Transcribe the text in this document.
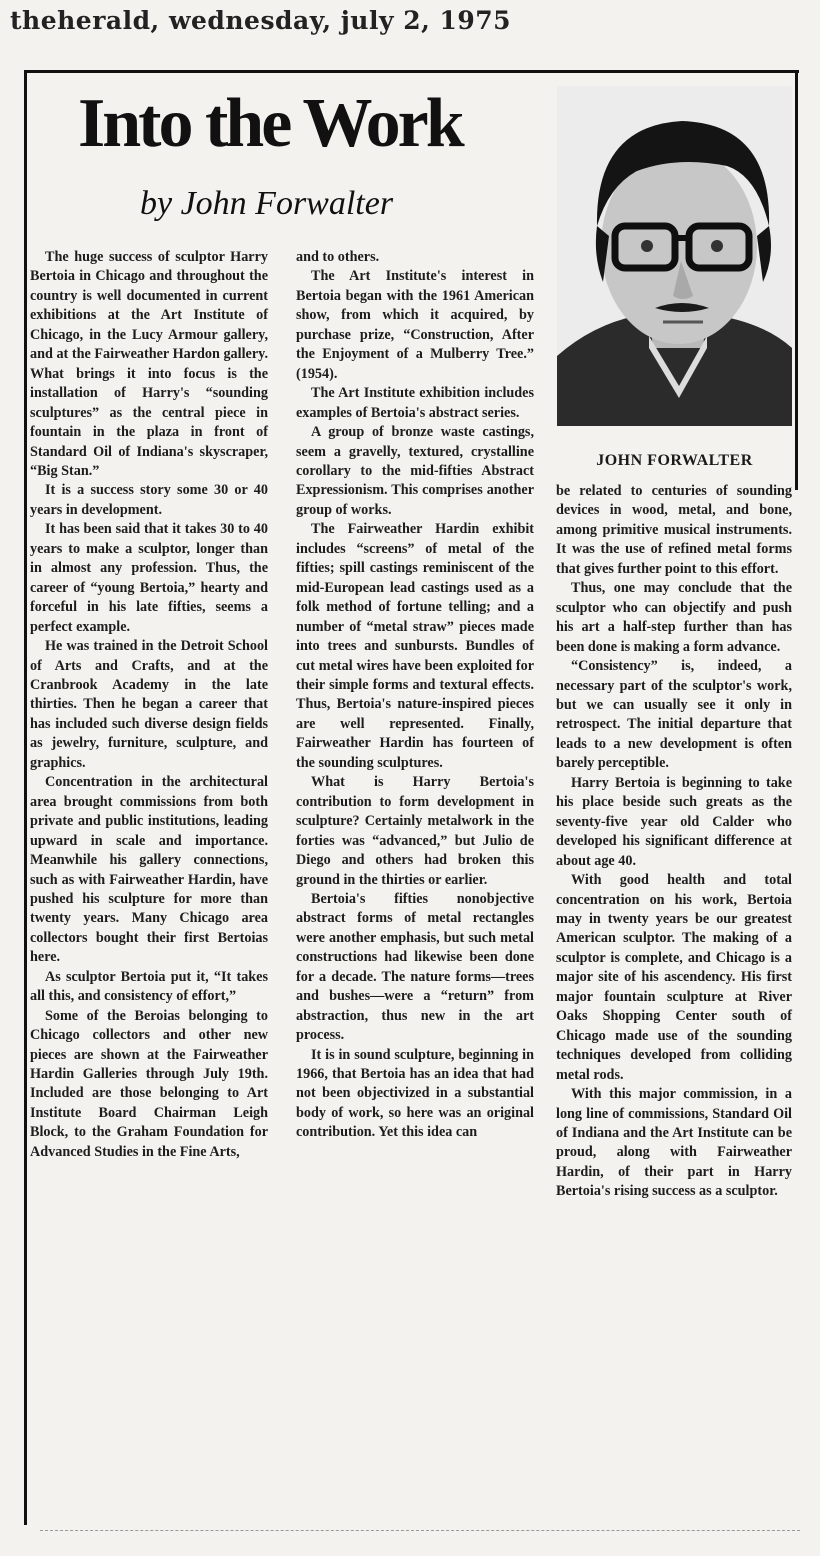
theherald, wednesday, july 2, 1975
Into the Work
by John Forwalter
JOHN FORWALTER

The huge success of sculptor Harry Bertoia in Chicago and throughout the country is well documented in current exhibitions at the Art Institute of Chicago, in the Lucy Armour gallery, and at the Fairweather Hardon gallery. What brings it into focus is the installation of Harry's “sounding sculptures” as the central piece in fountain in the plaza in front of Standard Oil of Indiana's skyscraper, “Big Stan.”

It is a success story some 30 or 40 years in development.

It has been said that it takes 30 to 40 years to make a sculptor, longer than in almost any profession. Thus, the career of “young Bertoia,” hearty and forceful in his late fifties, seems a perfect example.

He was trained in the Detroit School of Arts and Crafts, and at the Cranbrook Academy in the late thirties. Then he began a career that has included such diverse design fields as jewelry, furniture, sculpture, and graphics.

Concentration in the architectural area brought commissions from both private and public institutions, leading upward in scale and importance. Meanwhile his gallery connections, such as with Fairweather Hardin, have pushed his sculpture for more than twenty years. Many Chicago area collectors bought their first Bertoias here.

As sculptor Bertoia put it, “It takes all this, and consistency of effort,”

Some of the Beroias belonging to Chicago collectors and other new pieces are shown at the Fairweather Hardin Galleries through July 19th. Included are those belonging to Art Institute Board Chairman Leigh Block, to the Graham Foundation for Advanced Studies in the Fine Arts,

and to others.

The Art Institute's interest in Bertoia began with the 1961 American show, from which it acquired, by purchase prize, “Construction, After the Enjoyment of a Mulberry Tree.” (1954).

The Art Institute exhibition includes examples of Bertoia's abstract series.

A group of bronze waste castings, seem a gravelly, textured, crystalline corollary to the mid-fifties Abstract Expressionism. This comprises another group of works.

The Fairweather Hardin exhibit includes “screens” of metal of the fifties; spill castings reminiscent of the mid-European lead castings used as a folk method of fortune telling; and a number of “metal straw” pieces made into trees and sunbursts. Bundles of cut metal wires have been exploited for their simple forms and textural effects. Thus, Bertoia's nature-inspired pieces are well represented. Finally, Fairweather Hardin has fourteen of the sounding sculptures.

What is Harry Bertoia's contribution to form development in sculpture? Certainly metalwork in the forties was “advanced,” but Julio de Diego and others had broken this ground in the thirties or earlier.

Bertoia's fifties nonobjective abstract forms of metal rectangles were another emphasis, but such metal constructions had likewise been done for a decade. The nature forms—trees and bushes—were a “return” from abstraction, thus new in the art process.

It is in sound sculpture, beginning in 1966, that Bertoia has an idea that had not been objectivized in a substantial body of work, so here was an original contribution. Yet this idea can

be related to centuries of sounding devices in wood, metal, and bone, among primitive musical instruments. It was the use of refined metal forms that gives further point to this effort.

Thus, one may conclude that the sculptor who can objectify and push his art a half-step further than has been done is making a form advance.

“Consistency” is, indeed, a necessary part of the sculptor's work, but we can usually see it only in retrospect. The initial departure that leads to a new development is often barely perceptible.

Harry Bertoia is beginning to take his place beside such greats as the seventy-five year old Calder who developed his significant difference at about age 40.

With good health and total concentration on his work, Bertoia may in twenty years be our greatest American sculptor. The making of a sculptor is complete, and Chicago is a major site of his ascendency. His first major fountain sculpture at River Oaks Shopping Center south of Chicago made use of the sounding techniques developed from colliding metal rods.

With this major commission, in a long line of commissions, Standard Oil of Indiana and the Art Institute can be proud, along with Fairweather Hardin, of their part in Harry Bertoia's rising success as a sculptor.
